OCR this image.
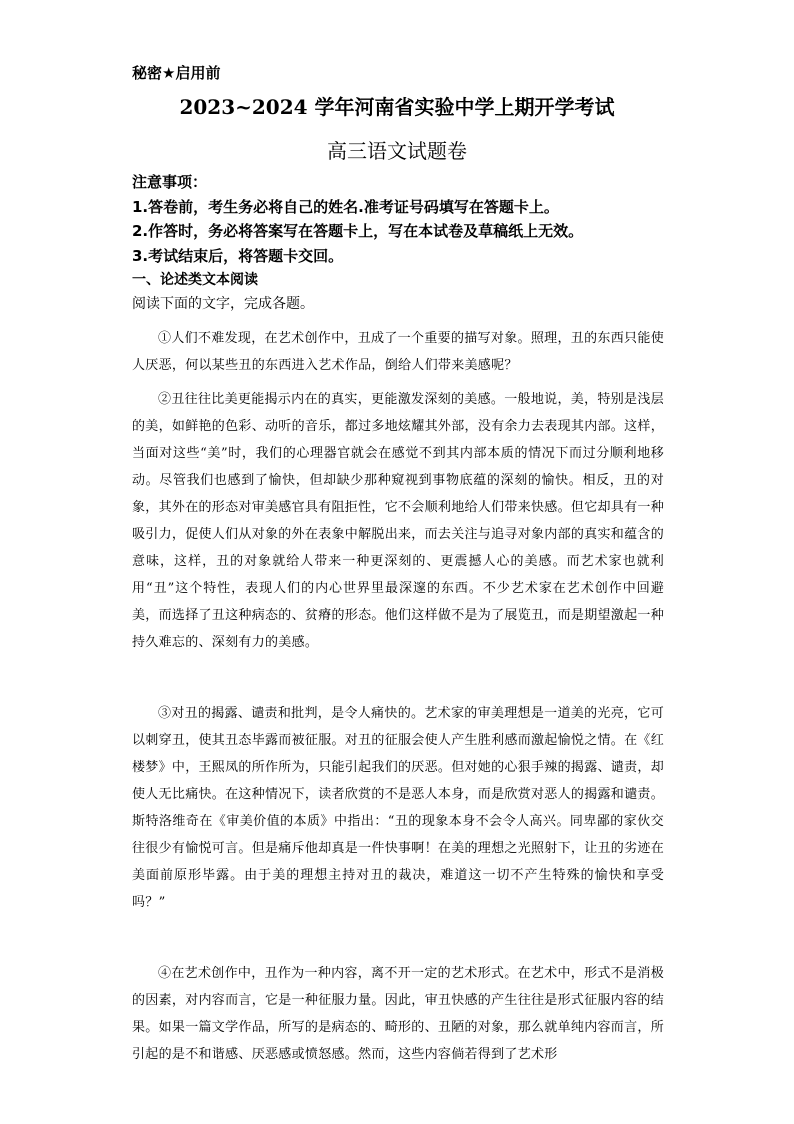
秘密★启用前
2023~2024 学年河南省实验中学上期开学考试
高三语文试题卷
注意事项：
1.答卷前，考生务必将自己的姓名.准考证号码填写在答题卡上。
2.作答时，务必将答案写在答题卡上，写在本试卷及草稿纸上无效。
3.考试结束后，将答题卡交回。
一、论述类文本阅读
阅读下面的文字，完成各题。

①人们不难发现，在艺术创作中，丑成了一个重要的描写对象。照理，丑的东西只能使人厌恶，何以某些丑的东西进入艺术作品，倒给人们带来美感呢？

②丑往往比美更能揭示内在的真实，更能激发深刻的美感。一般地说，美，特别是浅层的美，如鲜艳的色彩、动听的音乐，都过多地炫耀其外部，没有余力去表现其内部。这样，当面对这些“美”时，我们的心理器官就会在感觉不到其内部本质的情况下而过分顺利地移动。尽管我们也感到了愉快，但却缺少那种窥视到事物底蕴的深刻的愉快。相反，丑的对象，其外在的形态对审美感官具有阻拒性，它不会顺利地给人们带来快感。但它却具有一种吸引力，促使人们从对象的外在表象中解脱出来，而去关注与追寻对象内部的真实和蕴含的意味，这样，丑的对象就给人带来一种更深刻的、更震撼人心的美感。而艺术家也就利用“丑”这个特性，表现人们的内心世界里最深邃的东西。不少艺术家在艺术创作中回避美，而选择了丑这种病态的、贫瘠的形态。他们这样做不是为了展览丑，而是期望激起一种持久难忘的、深刻有力的美感。

③对丑的揭露、谴责和批判，是令人痛快的。艺术家的审美理想是一道美的光亮，它可以刺穿丑，使其丑态毕露而被征服。对丑的征服会使人产生胜利感而激起愉悦之情。在《红楼梦》中，王熙凤的所作所为，只能引起我们的厌恶。但对她的心狠手辣的揭露、谴责，却使人无比痛快。在这种情况下，读者欣赏的不是恶人本身，而是欣赏对恶人的揭露和谴责。斯特洛维奇在《审美价值的本质》中指出：“丑的现象本身不会令人高兴。同卑鄙的家伙交往很少有愉悦可言。但是痛斥他却真是一件快事啊！在美的理想之光照射下，让丑的劣迹在美面前原形毕露。由于美的理想主持对丑的裁决，难道这一切不产生特殊的愉快和享受吗？”

④在艺术创作中，丑作为一种内容，离不开一定的艺术形式。在艺术中，形式不是消极的因素，对内容而言，它是一种征服力量。因此，审丑快感的产生往往是形式征服内容的结果。如果一篇文学作品，所写的是病态的、畸形的、丑陋的对象，那么就单纯内容而言，所引起的是不和谐感、厌恶感或愤怒感。然而，这些内容倘若得到了艺术形
